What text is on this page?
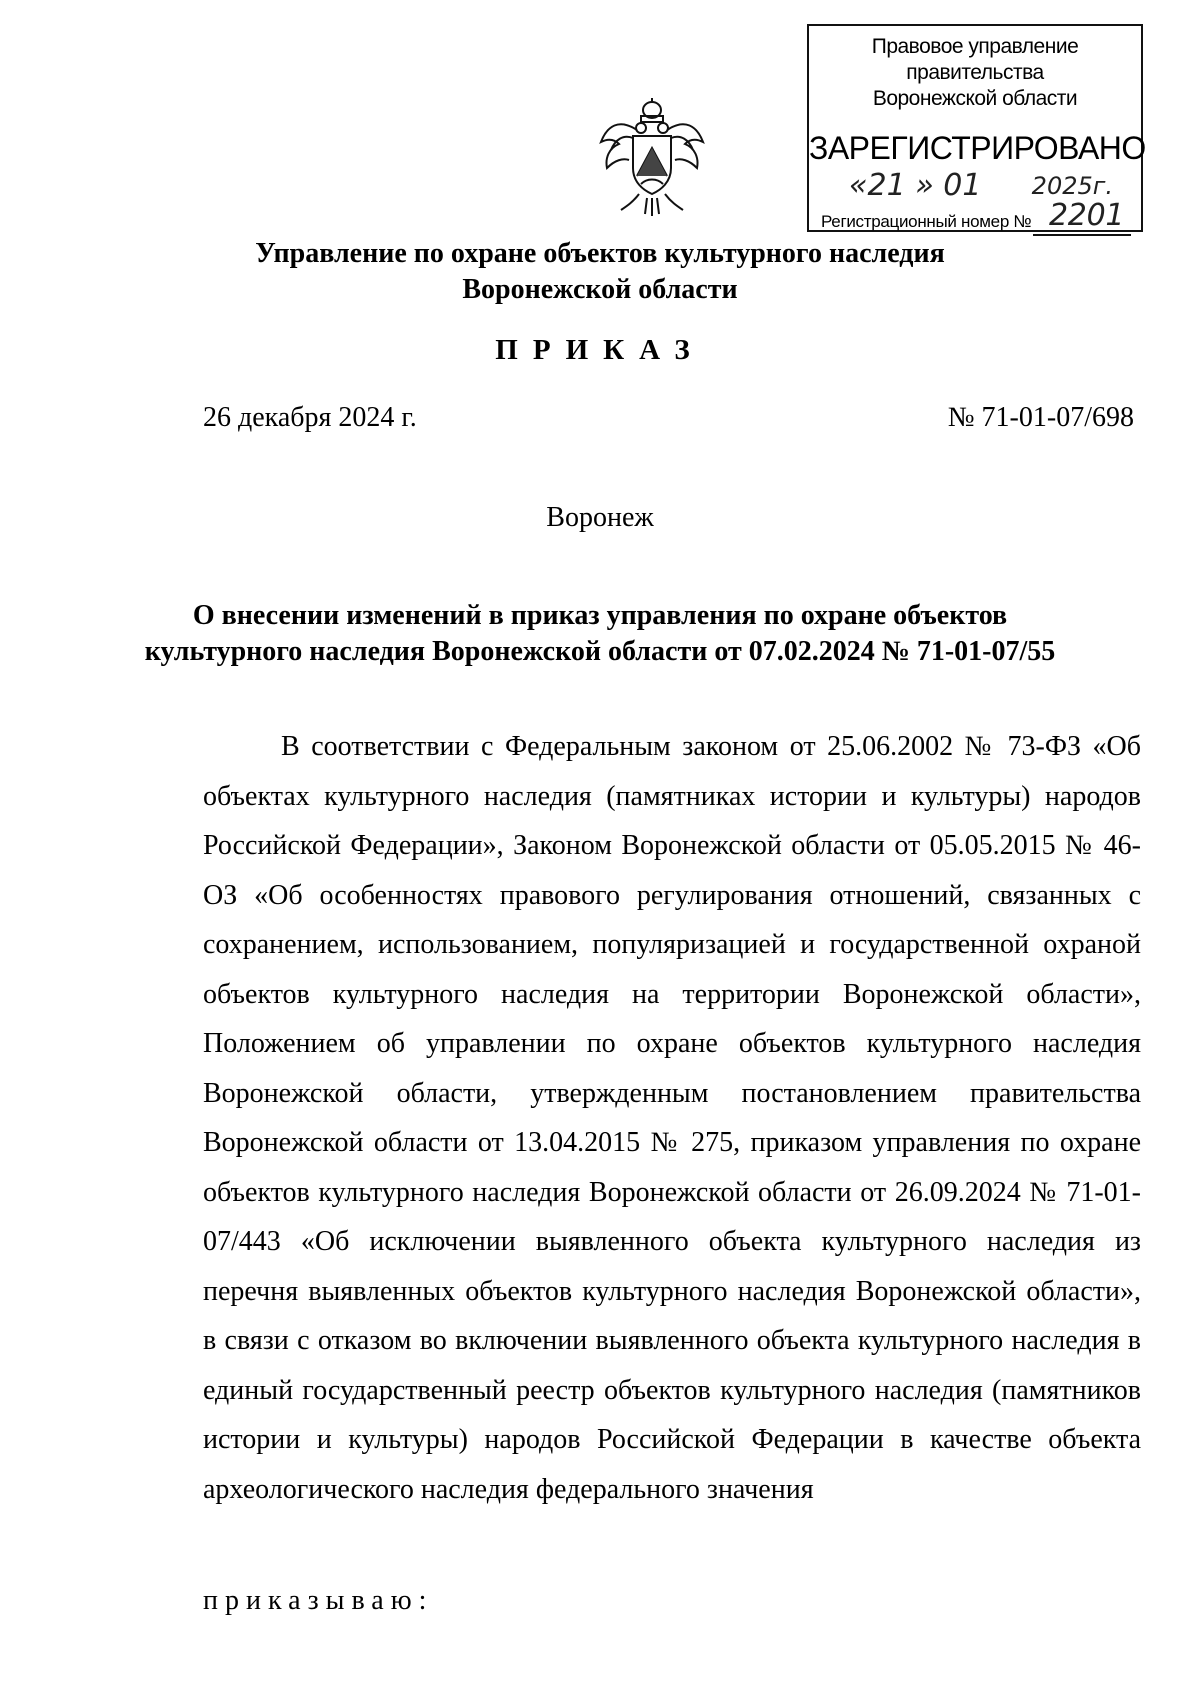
Правовое управление правительства
Воронежской области
ЗАРЕГИСТРИРОВАНО
«21 » 01 2025г.
Регистрационный номер № 2201
Управление по охране объектов культурного наследия
Воронежской области
ПРИКАЗ
26 декабря 2024 г.	№ 71-01-07/698
Воронеж
О внесении изменений в приказ управления по охране объектов
культурного наследия Воронежской области от 07.02.2024 № 71-01-07/55

В соответствии с Федеральным законом от 25.06.2002 № 73-ФЗ «Об объектах культурного наследия (памятниках истории и культуры) народов Российской Федерации», Законом Воронежской области от 05.05.2015 № 46-ОЗ «Об особенностях правового регулирования отношений, связанных с сохранением, использованием, популяризацией и государственной охраной объектов культурного наследия на территории Воронежской области», Положением об управлении по охране объектов культурного наследия Воронежской области, утвержденным постановлением правительства Воронежской области от 13.04.2015 № 275, приказом управления по охране объектов культурного наследия Воронежской области от 26.09.2024 № 71-01-07/443 «Об исключении выявленного объекта культурного наследия из перечня выявленных объектов культурного наследия Воронежской области», в связи с отказом во включении выявленного объекта культурного наследия в единый государственный реестр объектов культурного наследия (памятников истории и культуры) народов Российской Федерации в качестве объекта археологического наследия федерального значения

приказываю:
